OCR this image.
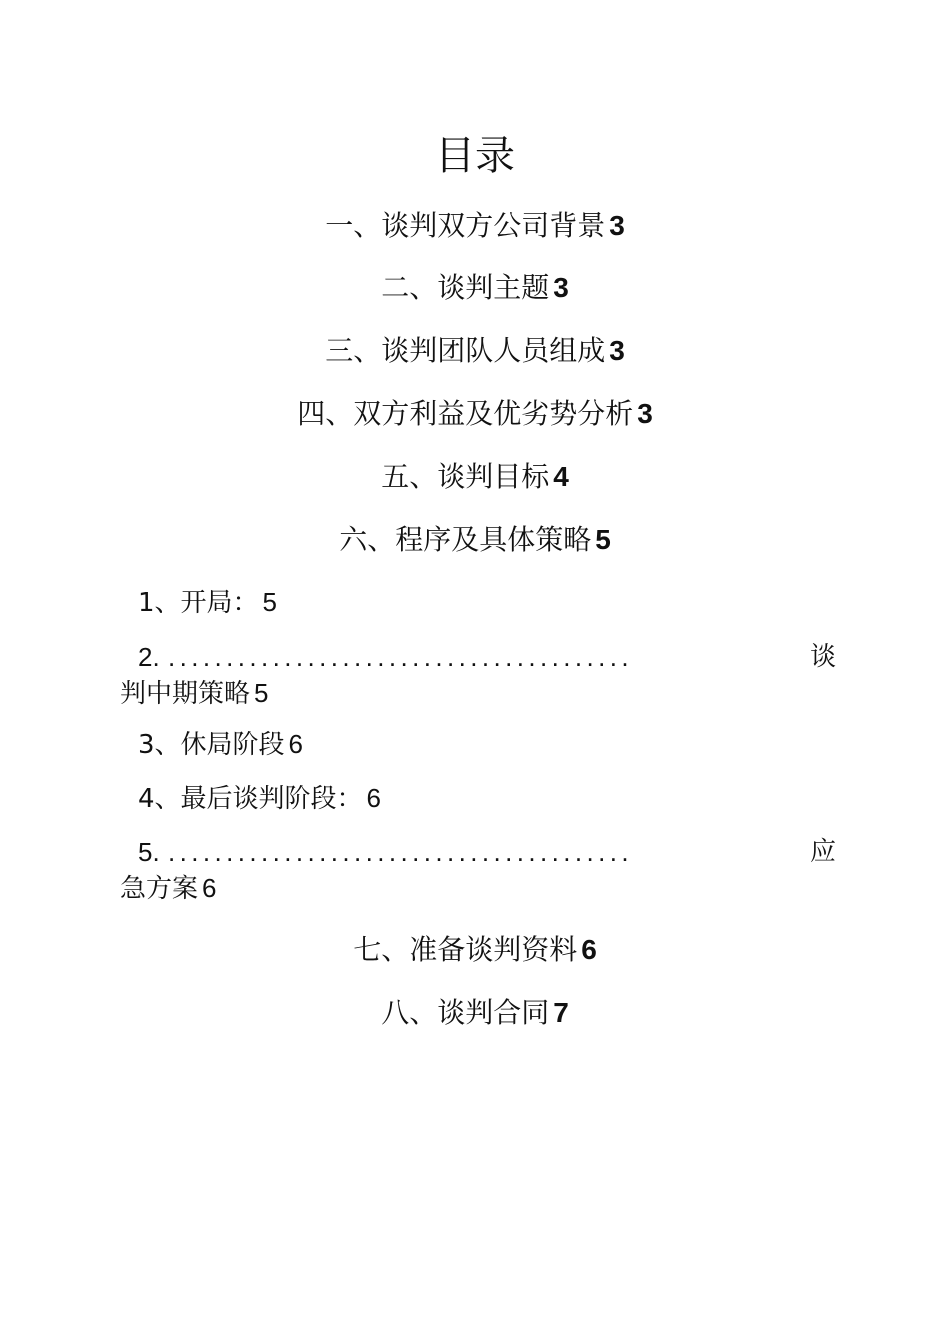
目录
一、谈判双方公司背景 3
二、谈判主题 3
三、谈判团队人员组成 3
四、双方利益及优劣势分析 3
五、谈判目标 4
六、程序及具体策略 5
1、开局： 5
2. ........................................	谈
判中期策略 5
3、休局阶段 6
4、最后谈判阶段： 6
5. ........................................	应
急方案 6
七、准备谈判资料 6
八、谈判合同 7
